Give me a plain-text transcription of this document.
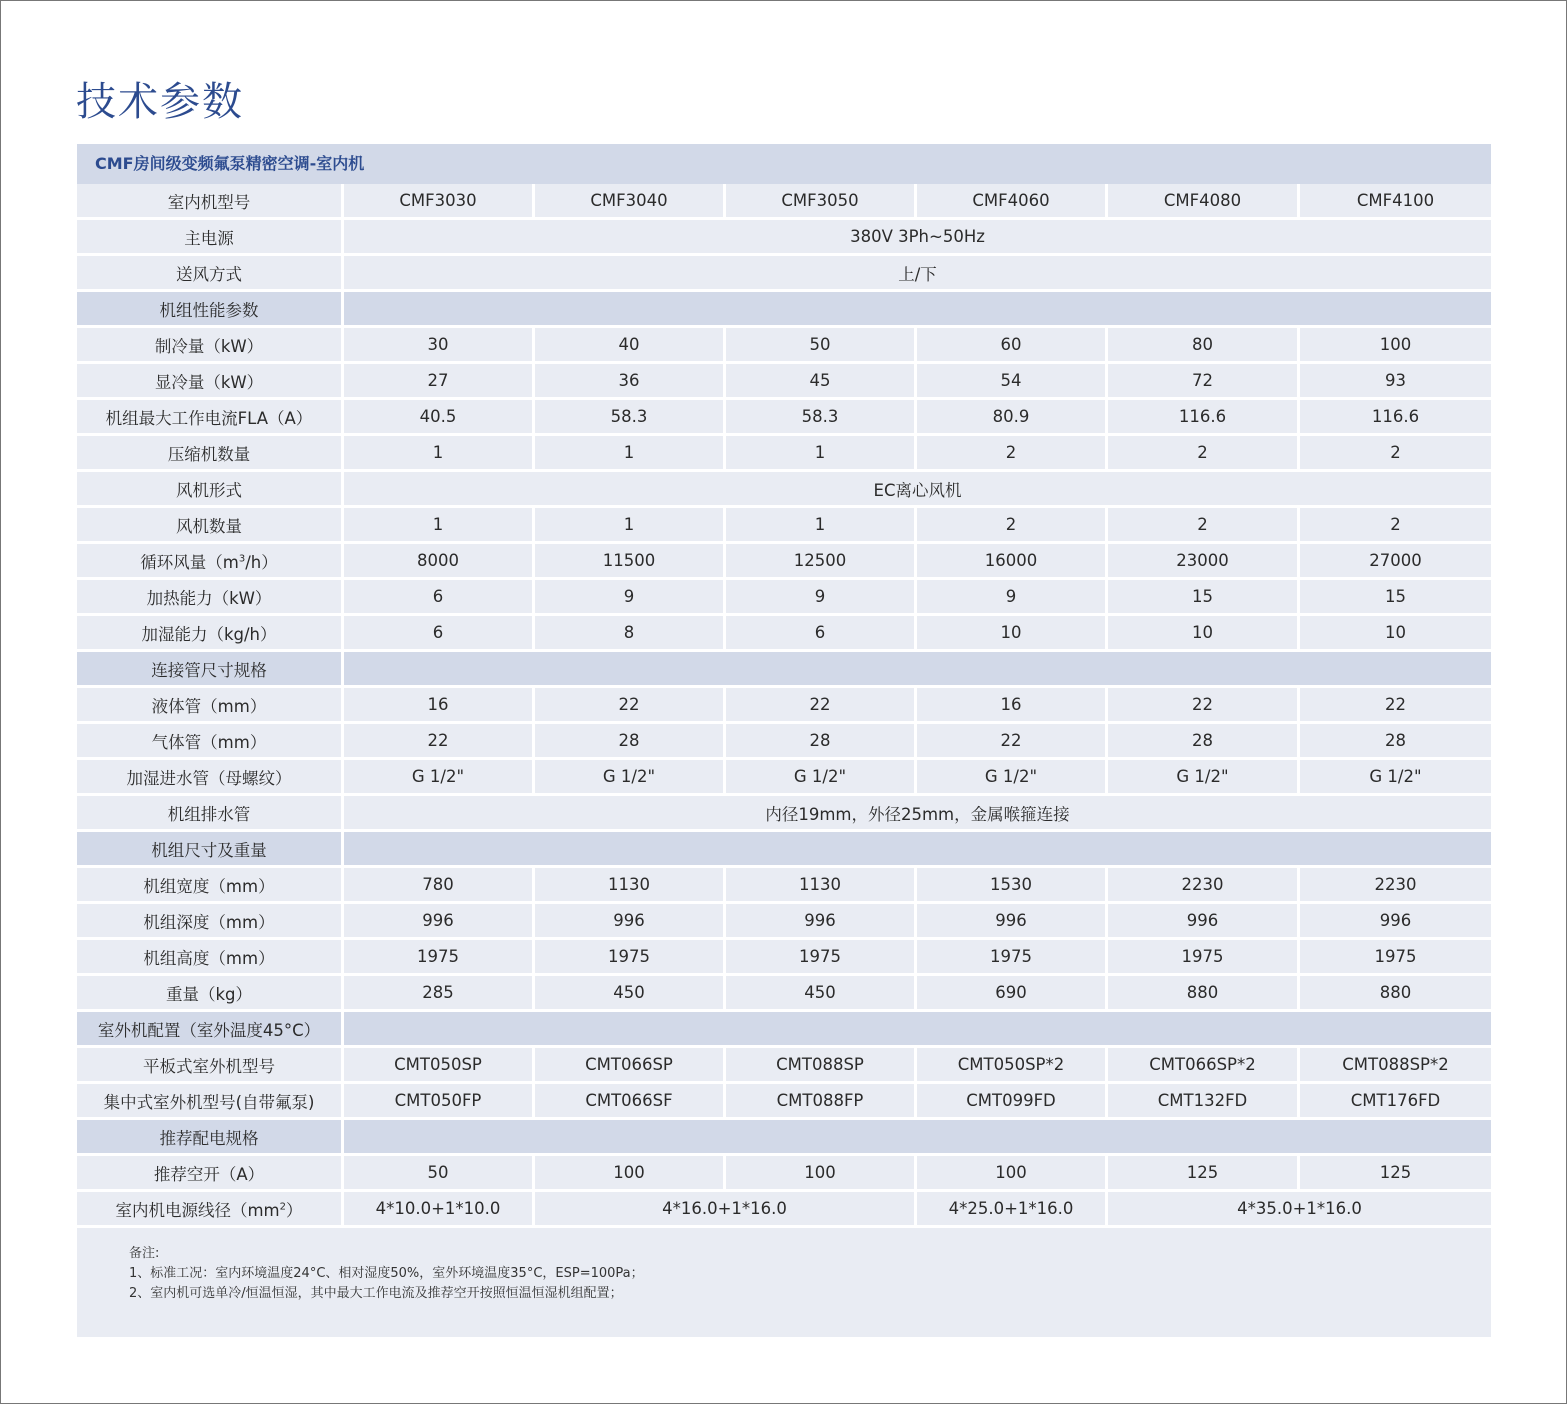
技术参数
CMF房间级变频氟泵精密空调-室内机
室内机型号	CMF3030	CMF3040	CMF3050	CMF4060	CMF4080	CMF4100
主电源	380V 3Ph~50Hz					
送风方式	上/下					
机组性能参数						
制冷量（kW）	30	40	50	60	80	100
显冷量（kW）	27	36	45	54	72	93
机组最大工作电流FLA（A）	40.5	58.3	58.3	80.9	116.6	116.6
压缩机数量	1	1	1	2	2	2
风机形式	EC离心风机					
风机数量	1	1	1	2	2	2
循环风量$(m^3/h)$	8000	11500	12500	16000	23000	27000
加热能力（kW）	6	9	9	9	15	15
加湿能力（kg/h）	6	8	6	10	10	10
连接管尺寸规格						
液体管（mm）	16	22	22	16	22	22
气体管（mm）	22	28	28	22	28	28
加湿进水管（母螺纹）	G 1/2"	G 1/2"	G 1/2"	G 1/2"	G 1/2"	G 1/2"
机组排水管	内径19mm，外径25mm，金属喉箍连接					
机组尺寸及重量						
机组宽度（mm）	780	1130	1130	1530	2230	2230
机组深度（mm）	996	996	996	996	996	996
机组高度（mm）	1975	1975	1975	1975	1975	1975
重量（kg）	285	450	450	690	880	880
室外机配置（室外温度45°C）						
平板式室外机型号	CMT050SP	CMT066SP	CMT088SP	CMT050SP*2	CMT066SP*2	CMT088SP*2
集中式室外机型号(自带氟泵)	CMT050FP	CMT066SF	CMT088FP	CMT099FD	CMT132FD	CMT176FD
推荐配电规格						
推荐空开（A）	50	100	100	100	125	125
室内机电源线径$(mm^2)$	4*10.0+1*10.0	4*16.0+1*16.0		4*25.0+1*16.0	4*35.0+1*16.0	
备注:
1、标准工况：室内环境温度24°C、相对湿度50%，室外环境温度35°C，ESP=100Pa；
2、室内机可选单冷/恒温恒湿，其中最大工作电流及推荐空开按照恒温恒湿机组配置；
